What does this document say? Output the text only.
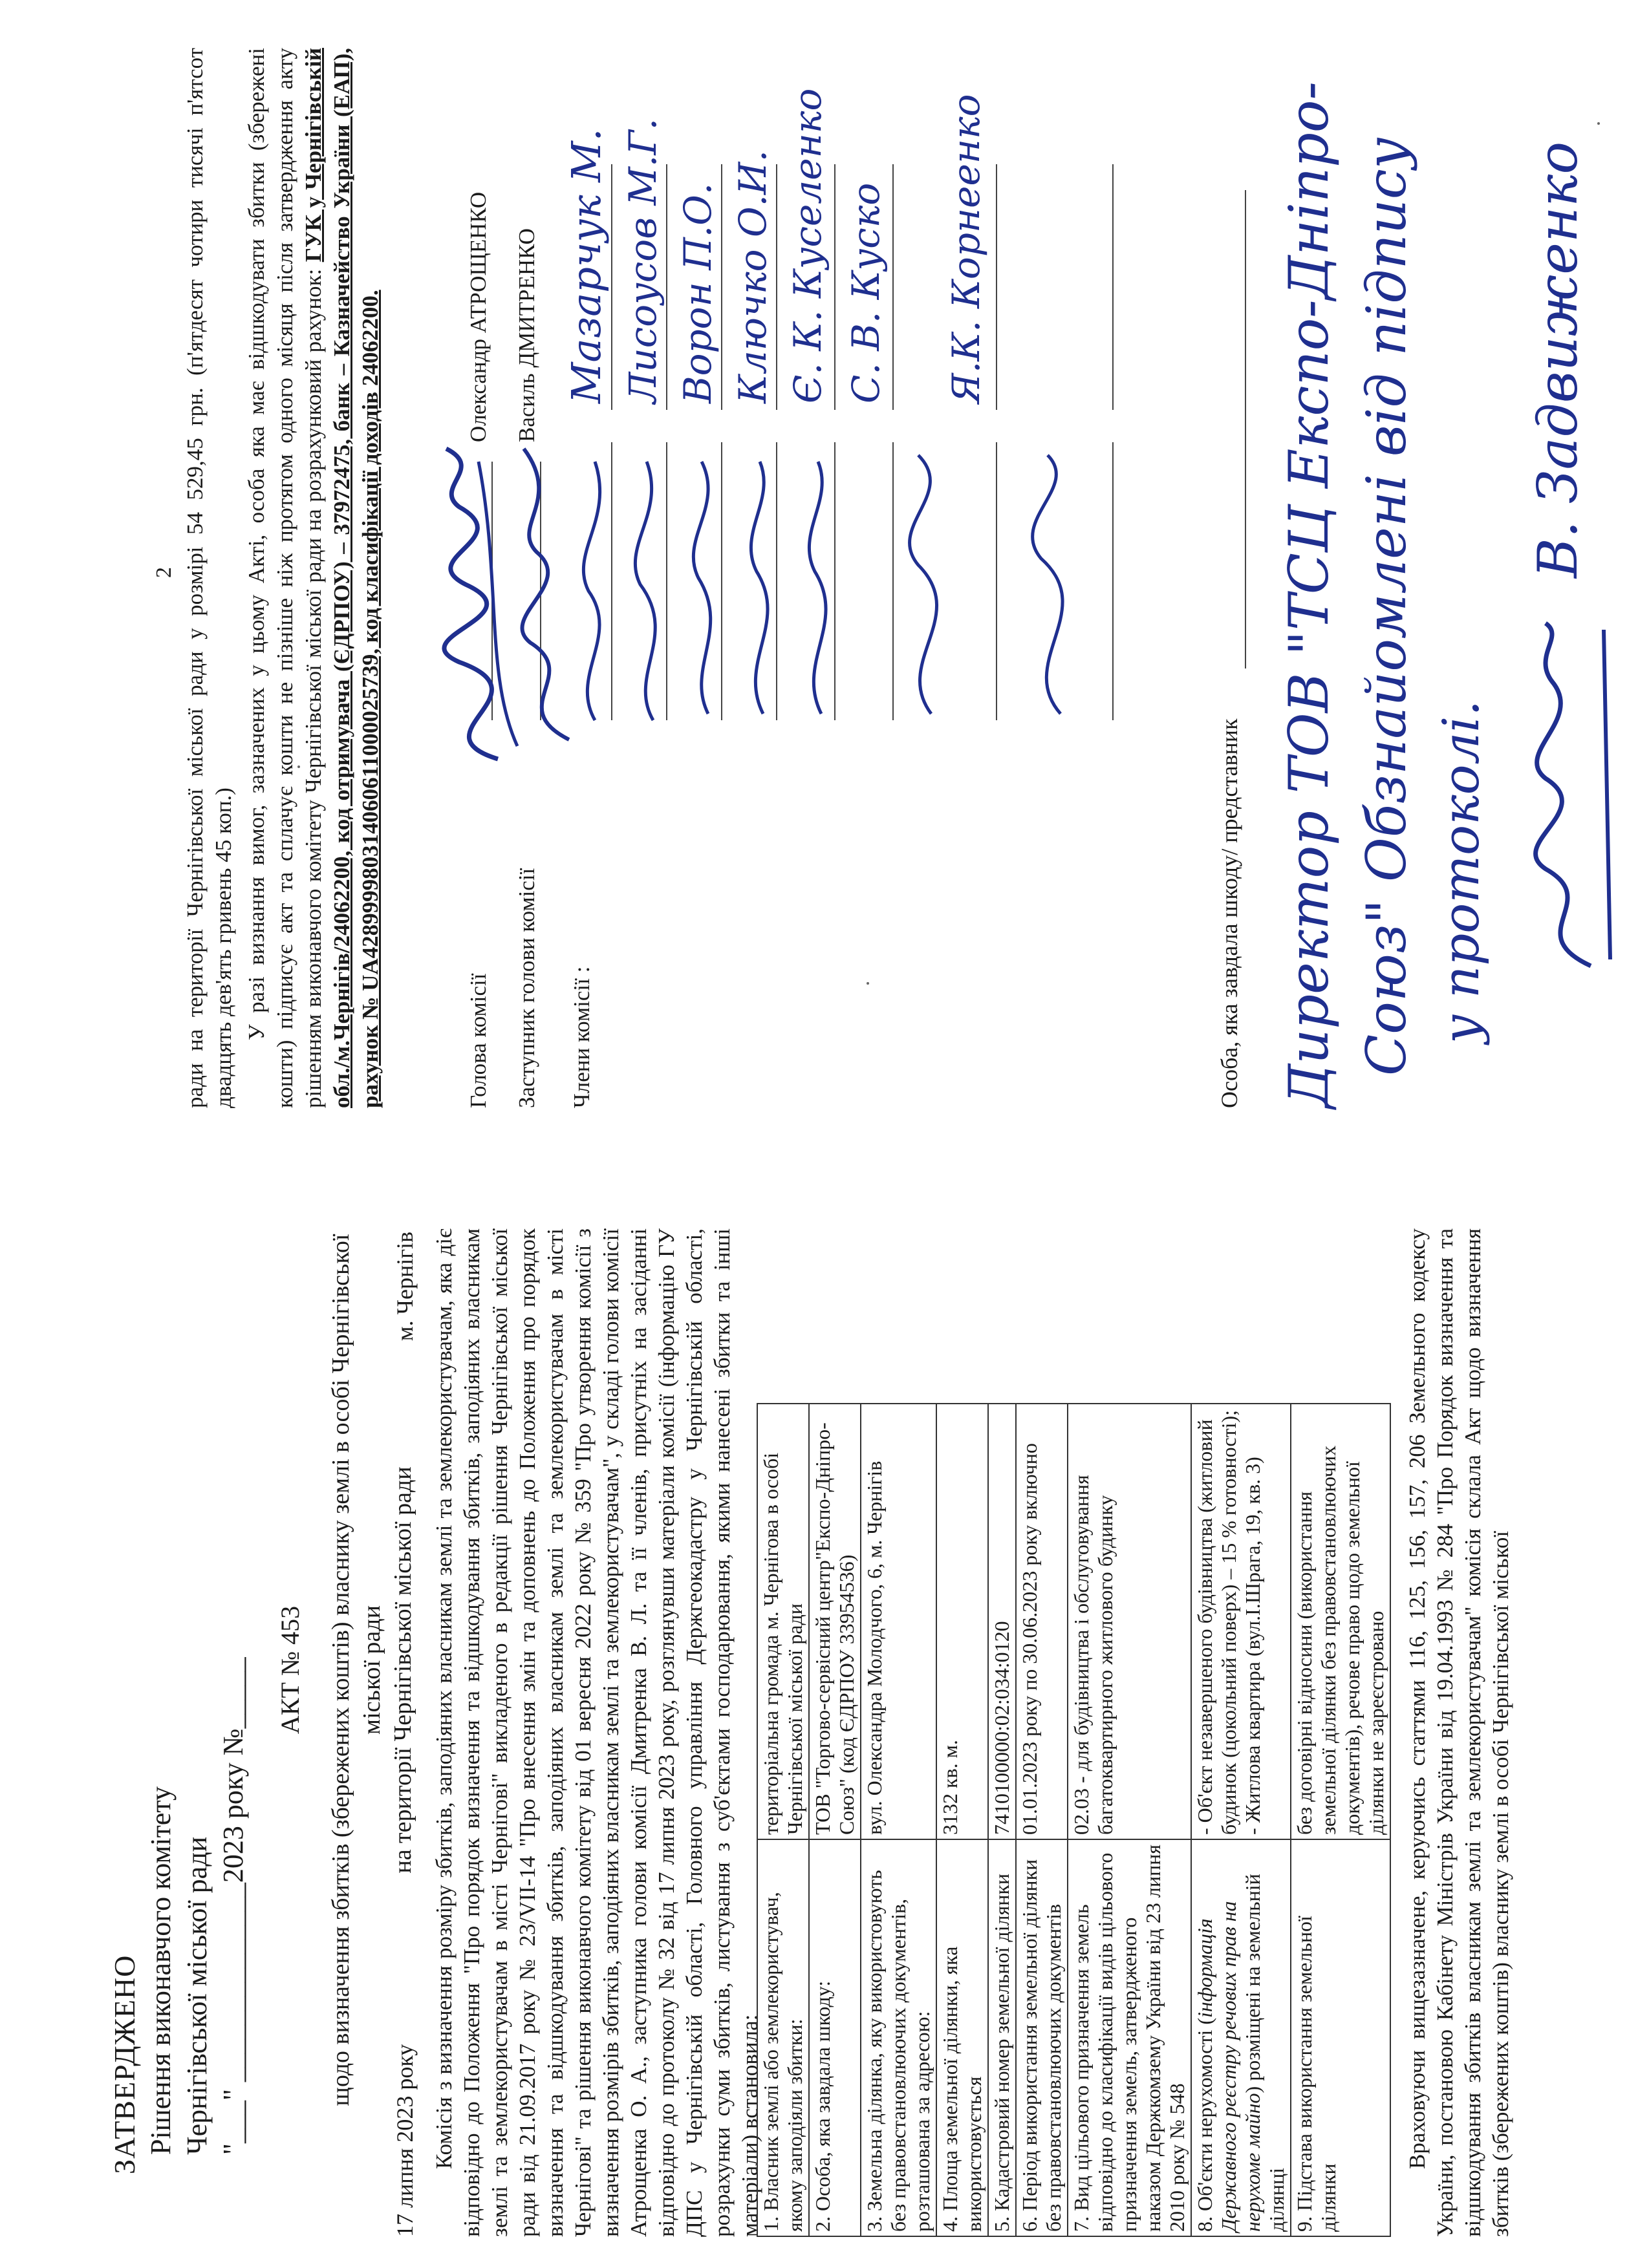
ЗАТВЕРДЖЕНО Рішення виконавчого комітету Чернігівської міської ради "___" ______________2023 року №_____ АКТ № 453 щодо визначення збитків (збережених коштів) власнику землі в особі Чернігівської міської ради на території Чернігівської міської ради
17 липня 2023 року
м. Чернігів Комісія з визначення розміру збитків, заподіяних власникам землі та землекористувачам, яка діє відповідно до Положення "Про порядок визначення та відшкодування збитків, заподіяних власникам землі та землекористувачам в місті Чернігові" викладеного в редакції рішення Чернігівської міської ради від 21.09.2017 року № 23/VII-14 "Про внесення змін та доповнень до Положення про порядок визначення та відшкодування збитків, заподіяних власникам землі та землекористувачам в місті Чернігові" та рішення виконавчого комітету від 01 вересня 2022 року № 359 "Про утворення комісії з визначення розмірів збитків, заподіяних власникам землі та землекористувачам", у складі голови комісії Атрощенка О. А., заступника голови комісії Дмитренка В. Л. та її членів, присутніх на засіданні відповідно до протоколу № 32 від 17 липня 2023 року, розглянувши матеріали комісії (інформацію ГУ ДПС у Чернігівській області, Головного управління Держгеокадастру у Чернігівській області, розрахунки суми збитків, листування з суб'єктами господарювання, якими нанесені збитки та інші матеріали) встановила:
1. Власник землі або землекористувач, якому заподіяли збитки:	територіальна громада м. Чернігова в особі Чернігівської міської ради
2. Особа, яка завдала шкоду:	ТОВ "Торгово-сервісний центр"Експо-Дніпро-Союз" (код ЄДРПОУ 33954536)
3. Земельна ділянка, яку використовують без правовстановлюючих документів, розташована за адресою:	вул. Олександра Молодчого, 6, м. Чернігів
4. Площа земельної ділянки, яка використовується	3132 кв. м.
5. Кадастровий номер земельної ділянки	7410100000:02:034:0120
6. Період використання земельної ділянки без правовстановлюючих документів	01.01.2023 року по 30.06.2023 року включно
7. Вид цільового призначення земель відповідно до класифікації видів цільового призначення земель, затвердженого наказом Держкомзему України від 23 липня 2010 року № 548	02.03 - для будівництва і обслуговування багатоквартирного житлового будинку
8. Об'єкти нерухомості (інформація Державного реєстру речових прав на нерухоме майно) розміщені на земельній ділянці	- Об'єкт незавершеного будівництва (житловий будинок (цокольний поверх) – 15 % готовності); - Житлова квартира (вул.І.Шрага, 19, кв. 3)
9. Підстава використання земельної ділянки	без договірні відносини (використання земельної ділянки без правовстановлюючих документів), речове право щодо земельної ділянки не зареєстровано Враховуючи вищезазначене, керуючись статтями 116, 125, 156, 157, 206 Земельного кодексу України, постановою Кабінету Міністрів України від 19.04.1993 № 284 "Про Порядок визначення та відшкодування збитків власникам землі та землекористувачам" комісія склала Акт щодо визначення збитків (збережених коштів) власнику землі в особі Чернігівської міської
2 ради на території Чернігівської міської ради у розмірі 54 529,45 грн. (п'ятдесят чотири тисячі п'ятсот двадцять дев'ять гривень 45 коп.) У разі визнання вимог, зазначених у цьому Акті, особа яка має відшкодувати збитки (збережені кошти) підписує акт та сплачує кошти не пізніше ніж протягом одного місяця після затвердження акту рішенням виконавчого комітету Чернігівської міської ради на розрахунковий рахунок: ГУК у Чернігівській обл./м.Чернігів/24062200, код отримувача (ЄДРПОУ) – 37972475, банк – Казначейство України (ЕАП), рахунок № UA428999980314060611000025739, код класифікації доходів 24062200.	Голова комісії
Олександр АТРОЩЕНКО
Заступник голови комісії
Василь ДМИТРЕНКО
Члени комісії :
Мазарчук М. Лисоусов М.Г. Ворон П.О. Ключко О.И. Є. К. Куселенко С. В. Куско Я.К. Корнеенко
Особа, яка завдала шкоду/ представник Директор ТОВ "ТСЦ Експо-Дніпро- Союз" Обзнайомлені від підпису у протоколі.
В. Задвиженко
